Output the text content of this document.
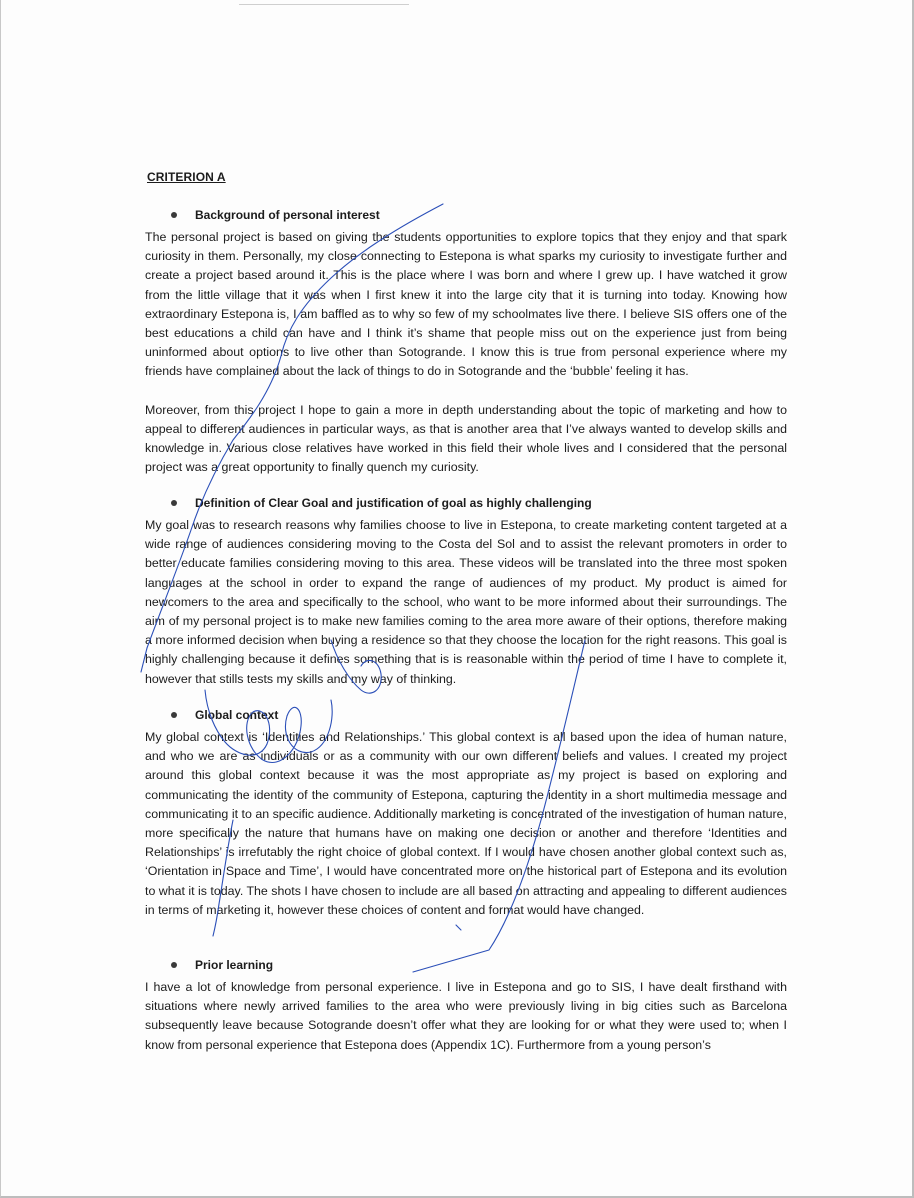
CRITERION A
Background of personal interest

The personal project is based on giving the students opportunities to explore topics that they enjoy and that spark curiosity in them. Personally, my close connecting to Estepona is what sparks my curiosity to investigate further and create a project based around it. This is the place where I was born and where I grew up. I have watched it grow from the little village that it was when I first knew it into the large city that it is turning into today. Knowing how extraordinary Estepona is, I am baffled as to why so few of my schoolmates live there. I believe SIS offers one of the best educations a child can have and I think it’s shame that people miss out on the experience just from being uninformed about options to live other than Sotogrande. I know this is true from personal experience where my friends have complained about the lack of things to do in Sotogrande and the ‘bubble’ feeling it has.

Moreover, from this project I hope to gain a more in depth understanding about the topic of marketing and how to appeal to different audiences in particular ways, as that is another area that I’ve always wanted to develop skills and knowledge in. Various close relatives have worked in this field their whole lives and I considered that the personal project was a great opportunity to finally quench my curiosity.

Definition of Clear Goal and justification of goal as highly challenging

My goal was to research reasons why families choose to live in Estepona, to create marketing content targeted at a wide range of audiences considering moving to the Costa del Sol and to assist the relevant promoters in order to better educate families considering moving to this area. These videos will be translated into the three most spoken languages at the school in order to expand the range of audiences of my product. My product is aimed for newcomers to the area and specifically to the school, who want to be more informed about their surroundings. The aim of my personal project is to make new families coming to the area more aware of their options, therefore making a more informed decision when buying a residence so that they choose the location for the right reasons. This goal is highly challenging because it defines something that is is reasonable within the period of time I have to complete it, however that stills tests my skills and my way of thinking.

Global context

My global context is ‘Identities and Relationships.’ This global context is all based upon the idea of human nature, and who we are as individuals or as a community with our own different beliefs and values. I created my project around this global context because it was the most appropriate as my project is based on exploring and communicating the identity of the community of Estepona, capturing the identity in a short multimedia message and communicating it to an specific audience. Additionally marketing is concentrated of the investigation of human nature, more specifically the nature that humans have on making one decision or another and therefore ‘Identities and Relationships’ is irrefutably the right choice of global context. If I would have chosen another global context such as, ‘Orientation in Space and Time’, I would have concentrated more on the historical part of Estepona and its evolution to what it is today. The shots I have chosen to include are all based on attracting and appealing to different audiences in terms of marketing it, however these choices of content and format would have changed.

Prior learning

I have a lot of knowledge from personal experience. I live in Estepona and go to SIS, I have dealt firsthand with situations where newly arrived families to the area who were previously living in big cities such as Barcelona subsequently leave because Sotogrande doesn’t offer what they are looking for or what they were used to; when I know from personal experience that Estepona does (Appendix 1C). Furthermore from a young person’s
